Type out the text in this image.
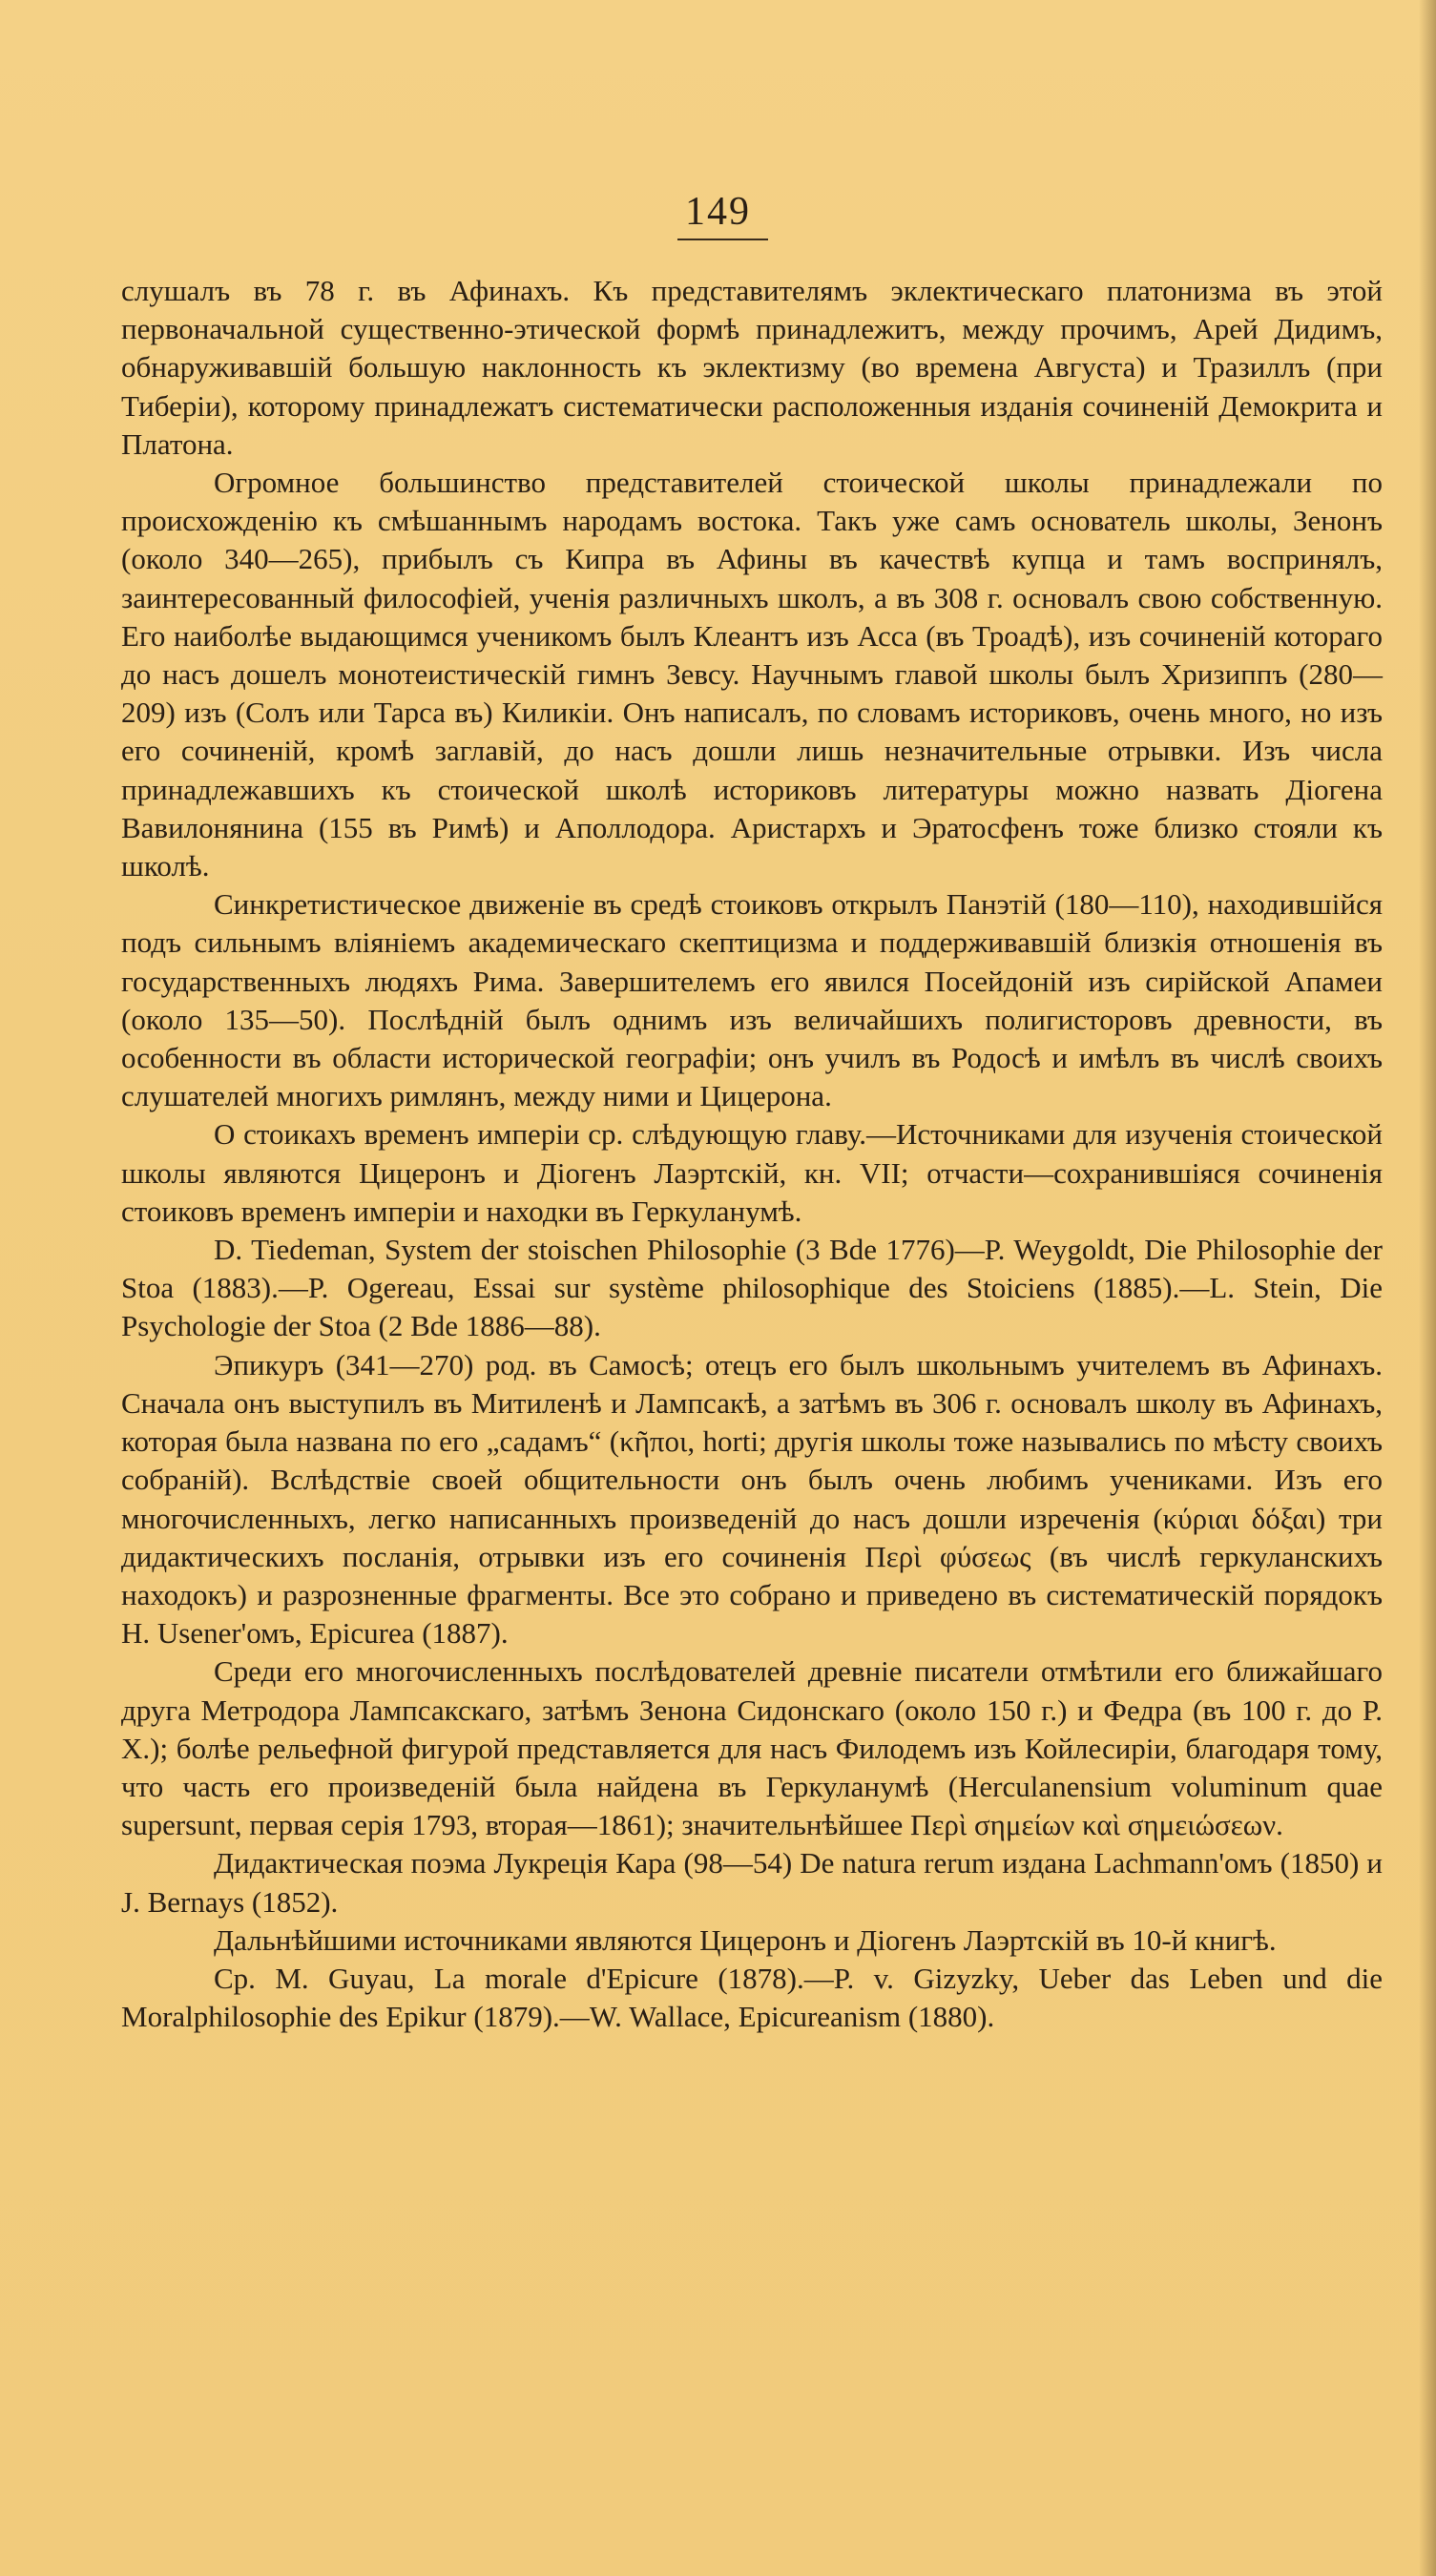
149

слушалъ въ 78 г. въ Афинахъ. Къ представителямъ эклектическаго платонизма въ этой первоначальной существенно-этической формѣ принадлежитъ, между прочимъ, Арей Дидимъ, обнаруживавшій большую наклонность къ эклектизму (во времена Августа) и Тразиллъ (при Тиберіи), которому принадлежатъ систематически расположенныя изданія сочиненій Демокрита и Платона.

Огромное большинство представителей стоической школы принадлежали по происхожденію къ смѣшаннымъ народамъ востока. Такъ уже самъ основатель школы, Зенонъ (около 340—265), прибылъ съ Кипра въ Афины въ качествѣ купца и тамъ воспринялъ, заинтересованный философіей, ученія различныхъ школъ, а въ 308 г. основалъ свою собственную. Его наиболѣе выдающимся ученикомъ былъ Клеантъ изъ Асса (въ Троадѣ), изъ сочиненій котораго до насъ дошелъ монотеистическій гимнъ Зевсу. Научнымъ главой школы былъ Хризиппъ (280—209) изъ (Солъ или Тарса въ) Киликіи. Онъ написалъ, по словамъ историковъ, очень много, но изъ его сочиненій, кромѣ заглавій, до насъ дошли лишь незначительные отрывки. Изъ числа принадлежавшихъ къ стоической школѣ историковъ литературы можно назвать Діогена Вавилонянина (155 въ Римѣ) и Аполлодора. Аристархъ и Эратосфенъ тоже близко стояли къ школѣ.

Синкретистическое движеніе въ средѣ стоиковъ открылъ Панэтій (180—110), находившійся подъ сильнымъ вліяніемъ академическаго скептицизма и поддерживавшій близкія отношенія въ государственныхъ людяхъ Рима. Завершителемъ его явился Посейдоній изъ сирійской Апамеи (около 135—50). Послѣдній былъ однимъ изъ величайшихъ полигисторовъ древности, въ особенности въ области исторической географіи; онъ училъ въ Родосѣ и имѣлъ въ числѣ своихъ слушателей многихъ римлянъ, между ними и Цицерона.

О стоикахъ временъ имперіи ср. слѣдующую главу.—Источниками для изученія стоической школы являются Цицеронъ и Діогенъ Лаэртскій, кн. VII; отчасти—сохранившіяся сочиненія стоиковъ временъ имперіи и находки въ Геркуланумѣ.

D. Tiedeman, System der stoischen Philosophie (3 Bde 1776)—P. Weygoldt, Die Philosophie der Stoa (1883).—P. Ogereau, Essai sur système philosophique des Stoiciens (1885).—L. Stein, Die Psychologie der Stoa (2 Bde 1886—88).

Эпикуръ (341—270) род. въ Самосѣ; отецъ его былъ школьнымъ учителемъ въ Афинахъ. Сначала онъ выступилъ въ Митиленѣ и Лампсакѣ, а затѣмъ въ 306 г. основалъ школу въ Афинахъ, которая была названа по его „садамъ“ (κῆποι, horti; другія школы тоже назывались по мѣсту своихъ собраній). Вслѣдствіе своей общительности онъ былъ очень любимъ учениками. Изъ его многочисленныхъ, легко написанныхъ произведеній до насъ дошли изреченія (κύριαι δόξαι) три дидактическихъ посланія, отрывки изъ его сочиненія Περὶ φύσεως (въ числѣ геркуланскихъ находокъ) и разрозненные фрагменты. Все это собрано и приведено въ систематическій порядокъ H. Usener'омъ, Epicurea (1887).

Среди его многочисленныхъ послѣдователей древніе писатели отмѣтили его ближайшаго друга Метродора Лампсакскаго, затѣмъ Зенона Сидонскаго (около 150 г.) и Федра (въ 100 г. до Р. Х.); болѣе рельефной фигурой представляется для насъ Филодемъ изъ Койлесиріи, благодаря тому, что часть его произведеній была найдена въ Геркуланумѣ (Herculanensium voluminum quae supersunt, первая серія 1793, вторая—1861); значительнѣйшее Περὶ σημείων καὶ σημειώσεων.

Дидактическая поэма Лукреція Кара (98—54) De natura rerum издана Lachmann'омъ (1850) и J. Bernays (1852).

Дальнѣйшими источниками являются Цицеронъ и Діогенъ Лаэртскій въ 10-й книгѣ.

Ср. M. Guyau, La morale d'Epicure (1878).—P. v. Gizyzky, Ueber das Leben und die Moralphilosophie des Epikur (1879).—W. Wallace, Epicureanism (1880).
